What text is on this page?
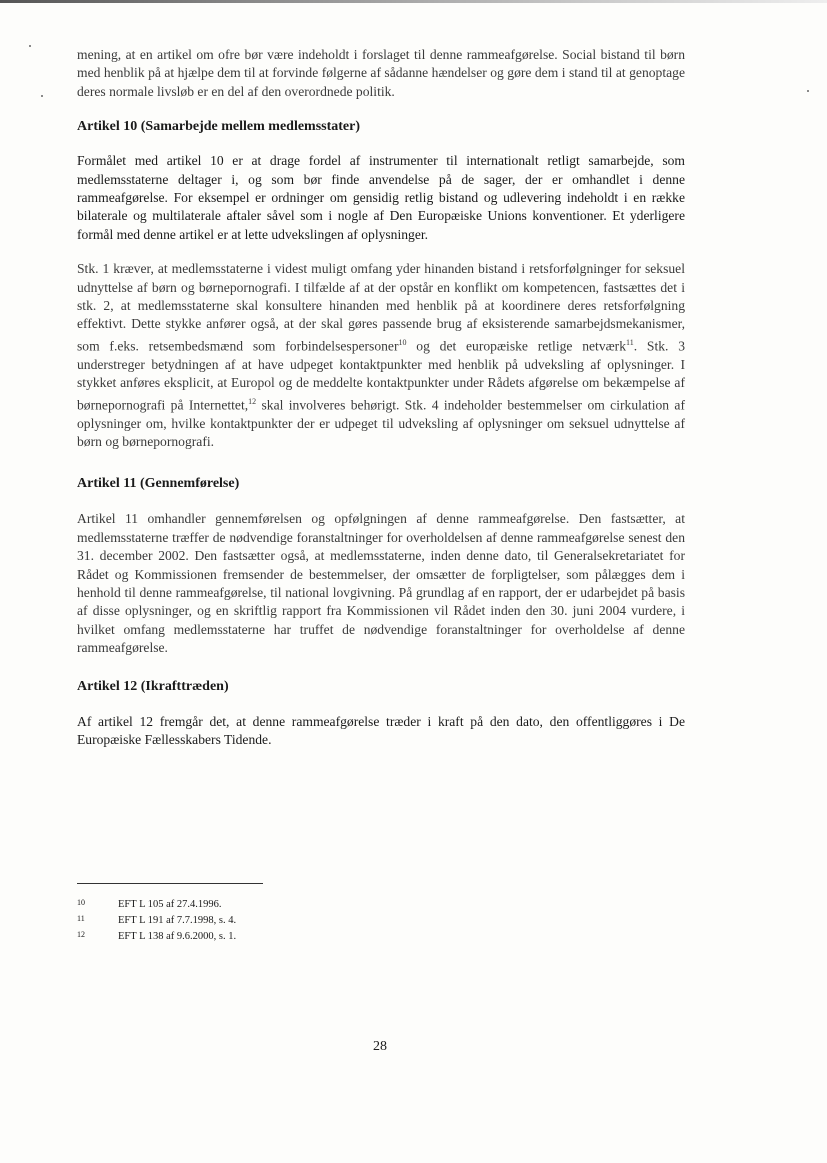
mening, at en artikel om ofre bør være indeholdt i forslaget til denne rammeafgørelse. Social bistand til børn med henblik på at hjælpe dem til at forvinde følgerne af sådanne hændelser og gøre dem i stand til at genoptage deres normale livsløb er en del af den overordnede politik.

Artikel 10 (Samarbejde mellem medlemsstater)

Formålet med artikel 10 er at drage fordel af instrumenter til internationalt retligt samarbejde, som medlemsstaterne deltager i, og som bør finde anvendelse på de sager, der er omhandlet i denne rammeafgørelse. For eksempel er ordninger om gensidig retlig bistand og udlevering indeholdt i en række bilaterale og multilaterale aftaler såvel som i nogle af Den Europæiske Unions konventioner. Et yderligere formål med denne artikel er at lette udvekslingen af oplysninger.

Stk. 1 kræver, at medlemsstaterne i videst muligt omfang yder hinanden bistand i retsforfølgninger for seksuel udnyttelse af børn og børnepornografi. I tilfælde af at der opstår en konflikt om kompetencen, fastsættes det i stk. 2, at medlemsstaterne skal konsultere hinanden med henblik på at koordinere deres retsforfølgning effektivt. Dette stykke anfører også, at der skal gøres passende brug af eksisterende samarbejdsmekanismer, som f.eks. retsembedsmænd som forbindelsespersoner$^{10}$ og det europæiske retlige netværk$^{11}$. Stk. 3 understreger betydningen af at have udpeget kontaktpunkter med henblik på udveksling af oplysninger. I stykket anføres eksplicit, at Europol og de meddelte kontaktpunkter under Rådets afgørelse om bekæmpelse af børnepornografi på Internettet,$^{12}$ skal involveres behørigt. Stk. 4 indeholder bestemmelser om cirkulation af oplysninger om, hvilke kontaktpunkter der er udpeget til udveksling af oplysninger om seksuel udnyttelse af børn og børnepornografi.

Artikel 11 (Gennemførelse)

Artikel 11 omhandler gennemførelsen og opfølgningen af denne rammeafgørelse. Den fastsætter, at medlemsstaterne træffer de nødvendige foranstaltninger for overholdelsen af denne rammeafgørelse senest den 31. december 2002. Den fastsætter også, at medlemsstaterne, inden denne dato, til Generalsekretariatet for Rådet og Kommissionen fremsender de bestemmelser, der omsætter de forpligtelser, som pålægges dem i henhold til denne rammeafgørelse, til national lovgivning. På grundlag af en rapport, der er udarbejdet på basis af disse oplysninger, og en skriftlig rapport fra Kommissionen vil Rådet inden den 30. juni 2004 vurdere, i hvilket omfang medlemsstaterne har truffet de nødvendige foranstaltninger for overholdelse af denne rammeafgørelse.

Artikel 12 (Ikrafttræden)

Af artikel 12 fremgår det, at denne rammeafgørelse træder i kraft på den dato, den offentliggøres i De Europæiske Fællesskabers Tidende.

10	EFT L 105 af 27.4.1996.
11	EFT L 191 af 7.7.1998, s. 4.
12	EFT L 138 af 9.6.2000, s. 1.
28
